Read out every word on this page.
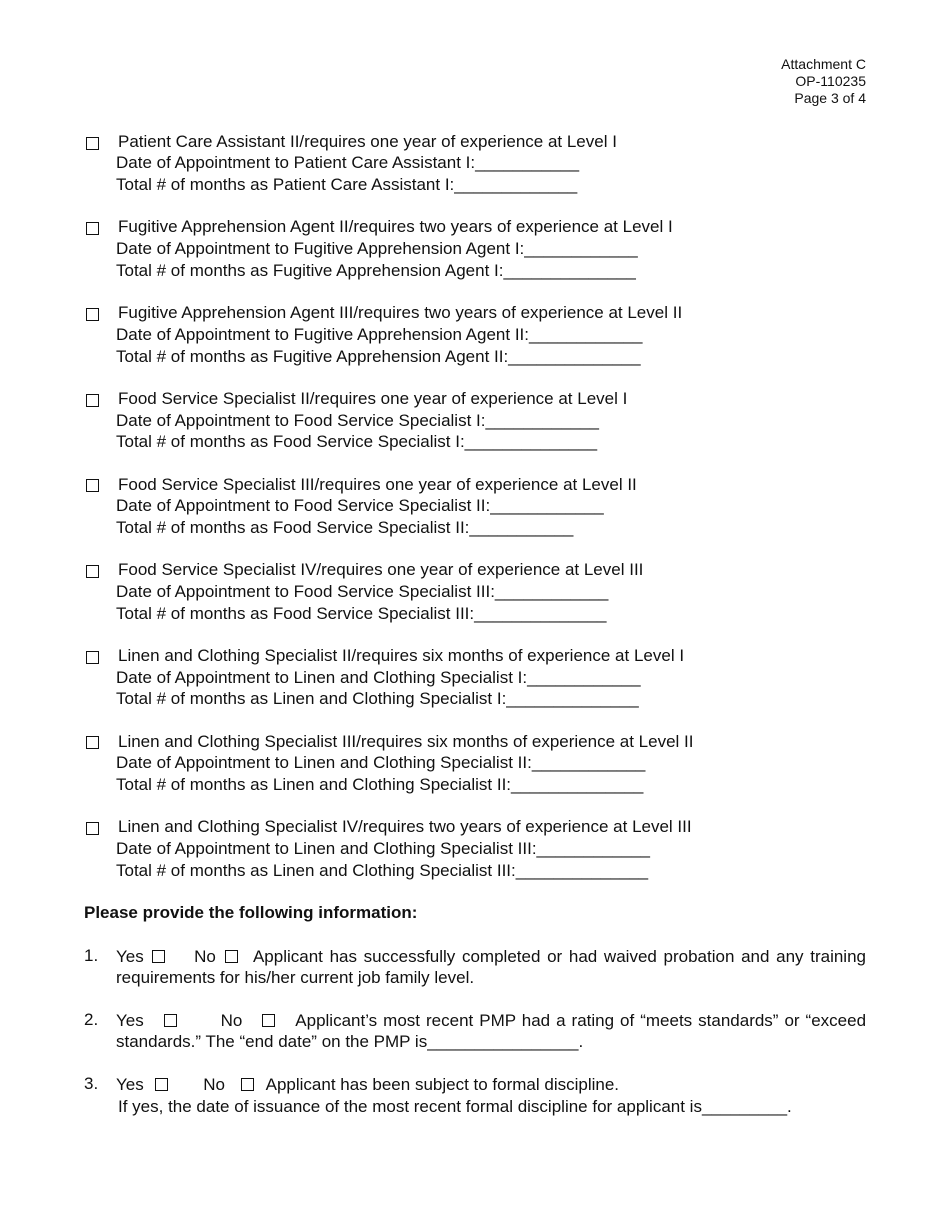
Attachment C
OP-110235
Page 3 of 4
Patient Care Assistant II/requires one year of experience at Level I
Date of Appointment to Patient Care Assistant I:___________
Total # of months as Patient Care Assistant I:_____________
Fugitive Apprehension Agent II/requires two years of experience at Level I
Date of Appointment to Fugitive Apprehension Agent I:____________
Total # of months as Fugitive Apprehension Agent I:______________
Fugitive Apprehension Agent III/requires two years of experience at Level II
Date of Appointment to Fugitive Apprehension Agent II:____________
Total # of months as Fugitive Apprehension Agent II:______________
Food Service Specialist II/requires one year of experience at Level I
Date of Appointment to Food Service Specialist I:____________
Total # of months as Food Service Specialist I:______________
Food Service Specialist III/requires one year of experience at Level II
Date of Appointment to Food Service Specialist II:____________
Total # of months as Food Service Specialist II:___________
Food Service Specialist IV/requires one year of experience at Level III
Date of Appointment to Food Service Specialist III:____________
Total # of months as Food Service Specialist III:______________
Linen and Clothing Specialist II/requires six months of experience at Level I
Date of Appointment to Linen and Clothing Specialist I:____________
Total # of months as Linen and Clothing Specialist I:______________
Linen and Clothing Specialist III/requires six months of experience at Level II
Date of Appointment to Linen and Clothing Specialist II:____________
Total # of months as Linen and Clothing Specialist II:______________
Linen and Clothing Specialist IV/requires two years of experience at Level III
Date of Appointment to Linen and Clothing Specialist III:____________
Total # of months as Linen and Clothing Specialist III:______________
Please provide the following information:
1. Yes	No Applicant has successfully completed or had waived probation and any training requirements for his/her current job family level.
2. Yes	No	Applicant’s most recent PMP had a rating of “meets standards” or “exceed standards.” The “end date” on the PMP is________________.
3. Yes	No Applicant has been subject to formal discipline.
If yes, the date of issuance of the most recent formal discipline for applicant is_________.
